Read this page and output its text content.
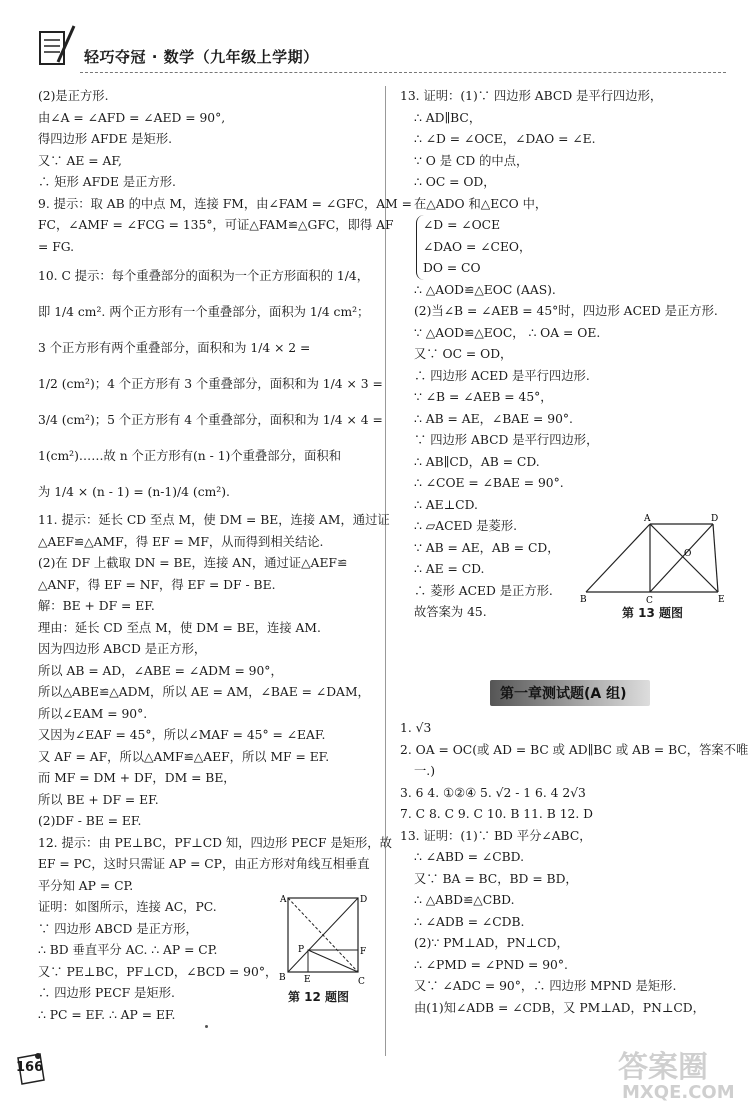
轻巧夺冠 · 数学（九年级上学期）
(2)是正方形.
由∠A = ∠AFD = ∠AED = 90°,
得四边形 AFDE 是矩形.
又∵ AE = AF,
∴ 矩形 AFDE 是正方形.
9. 提示：取 AB 的中点 M，连接 FM，由∠FAM = ∠GFC，AM =
FC，∠AMF = ∠FCG = 135°，可证△FAM≌△GFC，即得 AF
= FG.
10. C 提示：每个重叠部分的面积为一个正方形面积的 1/4，
即 1/4 cm². 两个正方形有一个重叠部分，面积为 1/4 cm²；
3 个正方形有两个重叠部分，面积和为 1/4 × 2 =
1/2 (cm²)；4 个正方形有 3 个重叠部分，面积和为 1/4 × 3 =
3/4 (cm²)；5 个正方形有 4 个重叠部分，面积和为 1/4 × 4 =
1(cm²)……故 n 个正方形有(n - 1)个重叠部分，面积和
为 1/4 × (n - 1) = (n-1)/4 (cm²).
11. 提示：延长 CD 至点 M，使 DM = BE，连接 AM，通过证
△AEF≌△AMF，得 EF = MF，从而得到相关结论.
(2)在 DF 上截取 DN = BE，连接 AN，通过证△AEF≌
△ANF，得 EF = NF，得 EF = DF - BE.
解：BE + DF = EF.
理由：延长 CD 至点 M，使 DM = BE，连接 AM.
因为四边形 ABCD 是正方形，
所以 AB = AD，∠ABE = ∠ADM = 90°，
所以△ABE≌△ADM，所以 AE = AM，∠BAE = ∠DAM，
所以∠EAM = 90°.
又因为∠EAF = 45°，所以∠MAF = 45° = ∠EAF.
又 AF = AF，所以△AMF≌△AEF，所以 MF = EF.
而 MF = DM + DF，DM = BE，
所以 BE + DF = EF.
(2)DF - BE = EF.
12. 提示：由 PE⊥BC，PF⊥CD 知，四边形 PECF 是矩形，故
EF = PC，这时只需证 AP = CP，由正方形对角线互相垂直
平分知 AP = CP.
证明：如图所示，连接 AC，PC.
∵ 四边形 ABCD 是正方形，
∴ BD 垂直平分 AC. ∴ AP = CP.
又∵ PE⊥BC，PF⊥CD，∠BCD = 90°，
∴ 四边形 PECF 是矩形.
∴ PC = EF. ∴ AP = EF.
A	D
P	F
B E	C
第 12 题图
13. 证明：(1)∵ 四边形 ABCD 是平行四边形，
∴ AD∥BC，
∴ ∠D = ∠OCE，∠DAO = ∠E.
∵ O 是 CD 的中点，
∴ OC = OD，
在△ADO 和△ECO 中，
∠D = ∠OCE
∠DAO = ∠CEO，
DO = CO
∴ △AOD≌△EOC (AAS).
(2)当∠B = ∠AEB = 45°时，四边形 ACED 是正方形.
∵ △AOD≌△EOC， ∴ OA = OE.
又∵ OC = OD，
∴ 四边形 ACED 是平行四边形.
∵ ∠B = ∠AEB = 45°，
∴ AB = AE，∠BAE = 90°.
∵ 四边形 ABCD 是平行四边形，
∴ AB∥CD，AB = CD.
∴ ∠COE = ∠BAE = 90°.
∴ AE⊥CD.
∴ ▱ACED 是菱形.
∵ AB = AE，AB = CD，
∴ AE = CD.
∴ 菱形 ACED 是正方形.
故答案为 45.
A	D
O
B	C	E
第 13 题图
第一章测试题(A 组)
1. √3
2. OA = OC(或 AD = BC 或 AD∥BC 或 AB = BC，答案不唯
一.)
3. 6 4. ①②④ 5. √2 - 1 6. 4 2√3
7. C 8. C 9. C 10. B 11. B 12. D
13. 证明：(1)∵ BD 平分∠ABC，
∴ ∠ABD = ∠CBD.
又∵ BA = BC，BD = BD，
∴ △ABD≌△CBD.
∴ ∠ADB = ∠CDB.
(2)∵ PM⊥AD，PN⊥CD，
∴ ∠PMD = ∠PND = 90°.
又∵ ∠ADC = 90°，∴ 四边形 MPND 是矩形.
由(1)知∠ADB = ∠CDB，又 PM⊥AD，PN⊥CD，
166	答案圈
MXQE.COM
